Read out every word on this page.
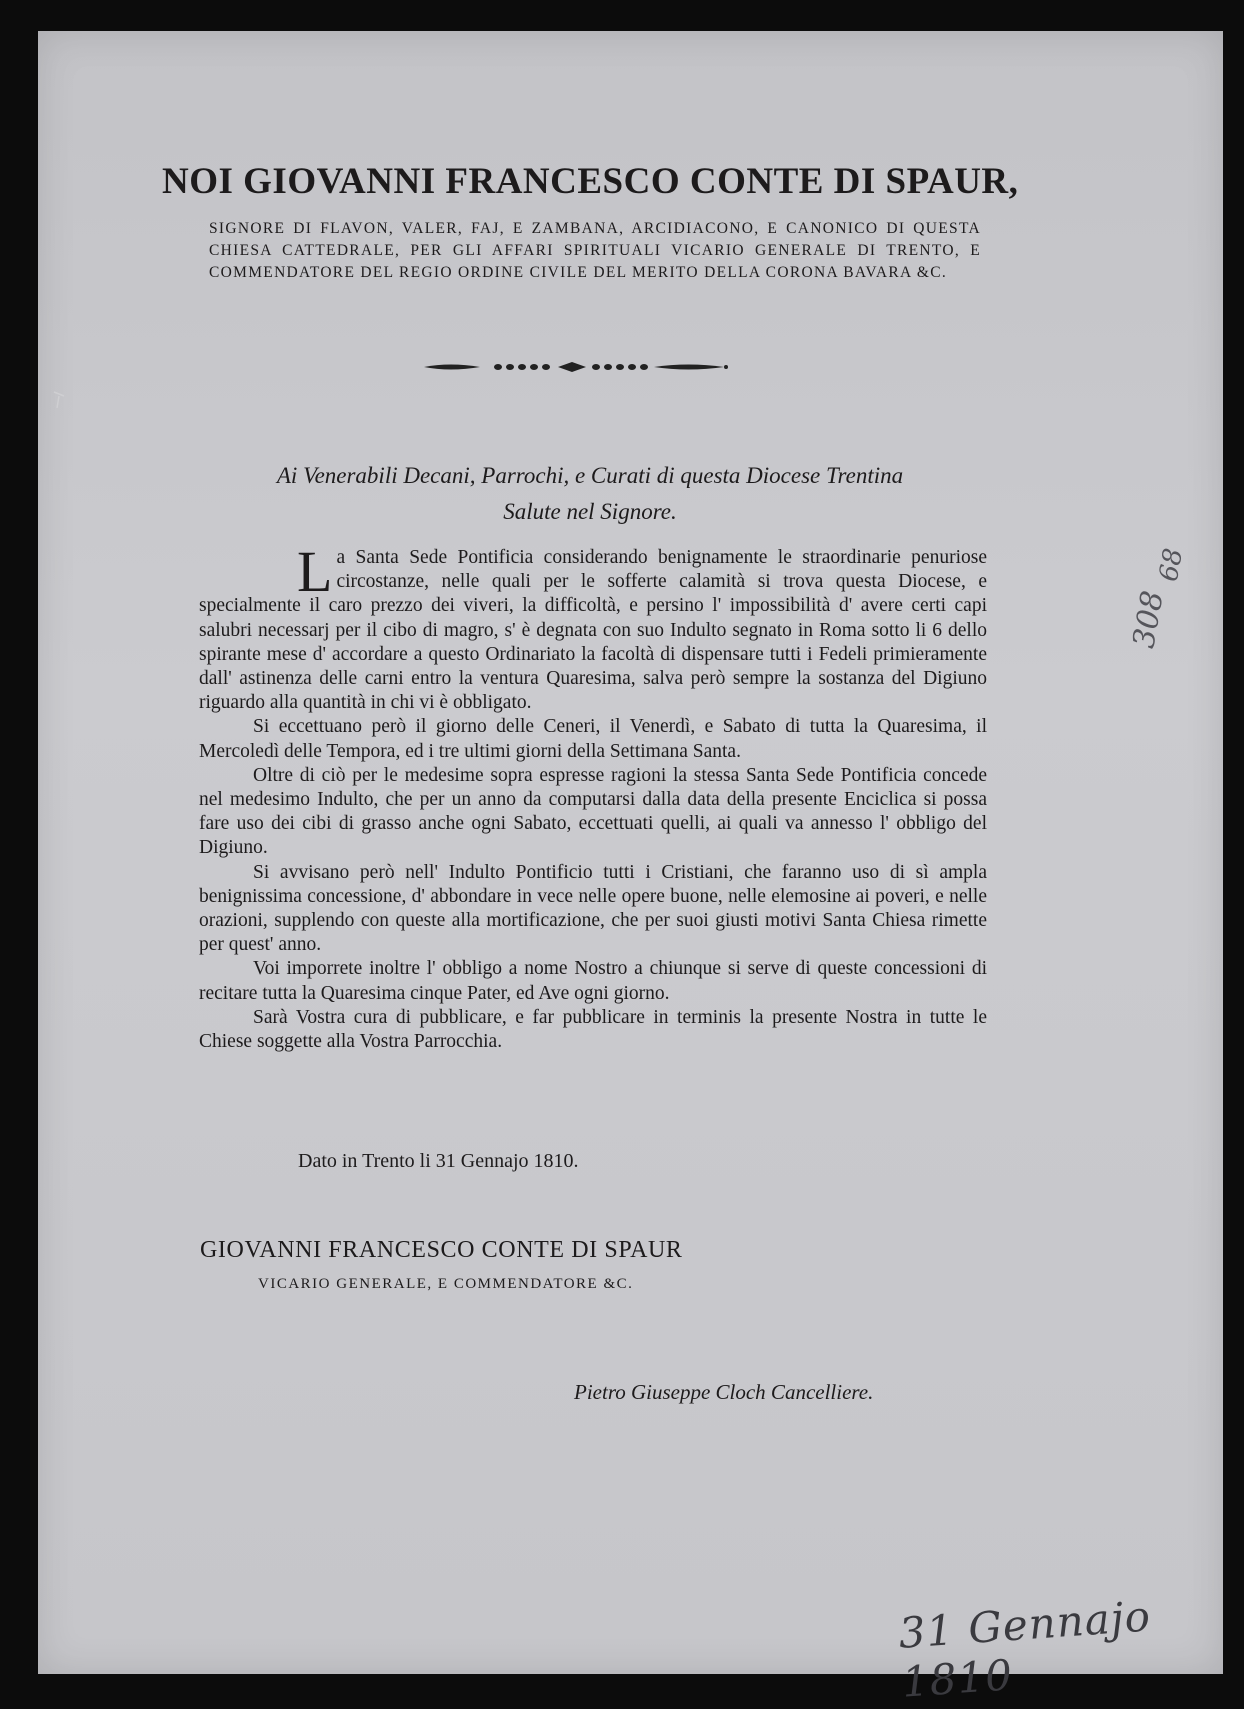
NOI GIOVANNI FRANCESCO CONTE DI SPAUR,
SIGNORE DI FLAVON, VALER, FAJ, E ZAMBANA, ARCIDIACONO, E CANONICO DI QUESTA CHIESA CATTEDRALE, PER GLI AFFARI SPIRITUALI VICARIO GENERALE DI TRENTO, E COMMENDATORE DEL REGIO ORDINE CIVILE DEL MERITO DELLA CORONA BAVARA &C.
Ai Venerabili Decani, Parrochi, e Curati di questa Diocese Trentina
Salute nel Signore.

La Santa Sede Pontificia considerando benignamente le straordinarie penuriose circostanze, nelle quali per le sofferte calamità si trova questa Diocese, e specialmente il caro prezzo dei viveri, la difficoltà, e persino l' impossibilità d' avere certi capi salubri necessarj per il cibo di magro, s' è degnata con suo Indulto segnato in Roma sotto li 6 dello spirante mese d' accordare a questo Ordinariato la facoltà di dispensare tutti i Fedeli primieramente dall' astinenza delle carni entro la ventura Quaresima, salva però sempre la sostanza del Digiuno riguardo alla quantità in chi vi è obbligato.

Si eccettuano però il giorno delle Ceneri, il Venerdì, e Sabato di tutta la Quaresima, il Mercoledì delle Tempora, ed i tre ultimi giorni della Settimana Santa.

Oltre di ciò per le medesime sopra espresse ragioni la stessa Santa Sede Pontificia concede nel medesimo Indulto, che per un anno da computarsi dalla data della presente Enciclica si possa fare uso dei cibi di grasso anche ogni Sabato, eccettuati quelli, ai quali va annesso l' obbligo del Digiuno.

Si avvisano però nell' Indulto Pontificio tutti i Cristiani, che faranno uso di sì ampla benignissima concessione, d' abbondare in vece nelle opere buone, nelle elemosine ai poveri, e nelle orazioni, supplendo con queste alla mortificazione, che per suoi giusti motivi Santa Chiesa rimette per quest' anno.

Voi imporrete inoltre l' obbligo a nome Nostro a chiunque si serve di queste concessioni di recitare tutta la Quaresima cinque Pater, ed Ave ogni giorno.

Sarà Vostra cura di pubblicare, e far pubblicare in terminis la presente Nostra in tutte le Chiese soggette alla Vostra Parrocchia.

Dato in Trento li 31 Gennajo 1810.
GIOVANNI FRANCESCO CONTE DI SPAUR
VICARIO GENERALE, E COMMENDATORE &C.
Pietro Giuseppe Cloch Cancelliere.
308
68
31 Gennajo 1810
